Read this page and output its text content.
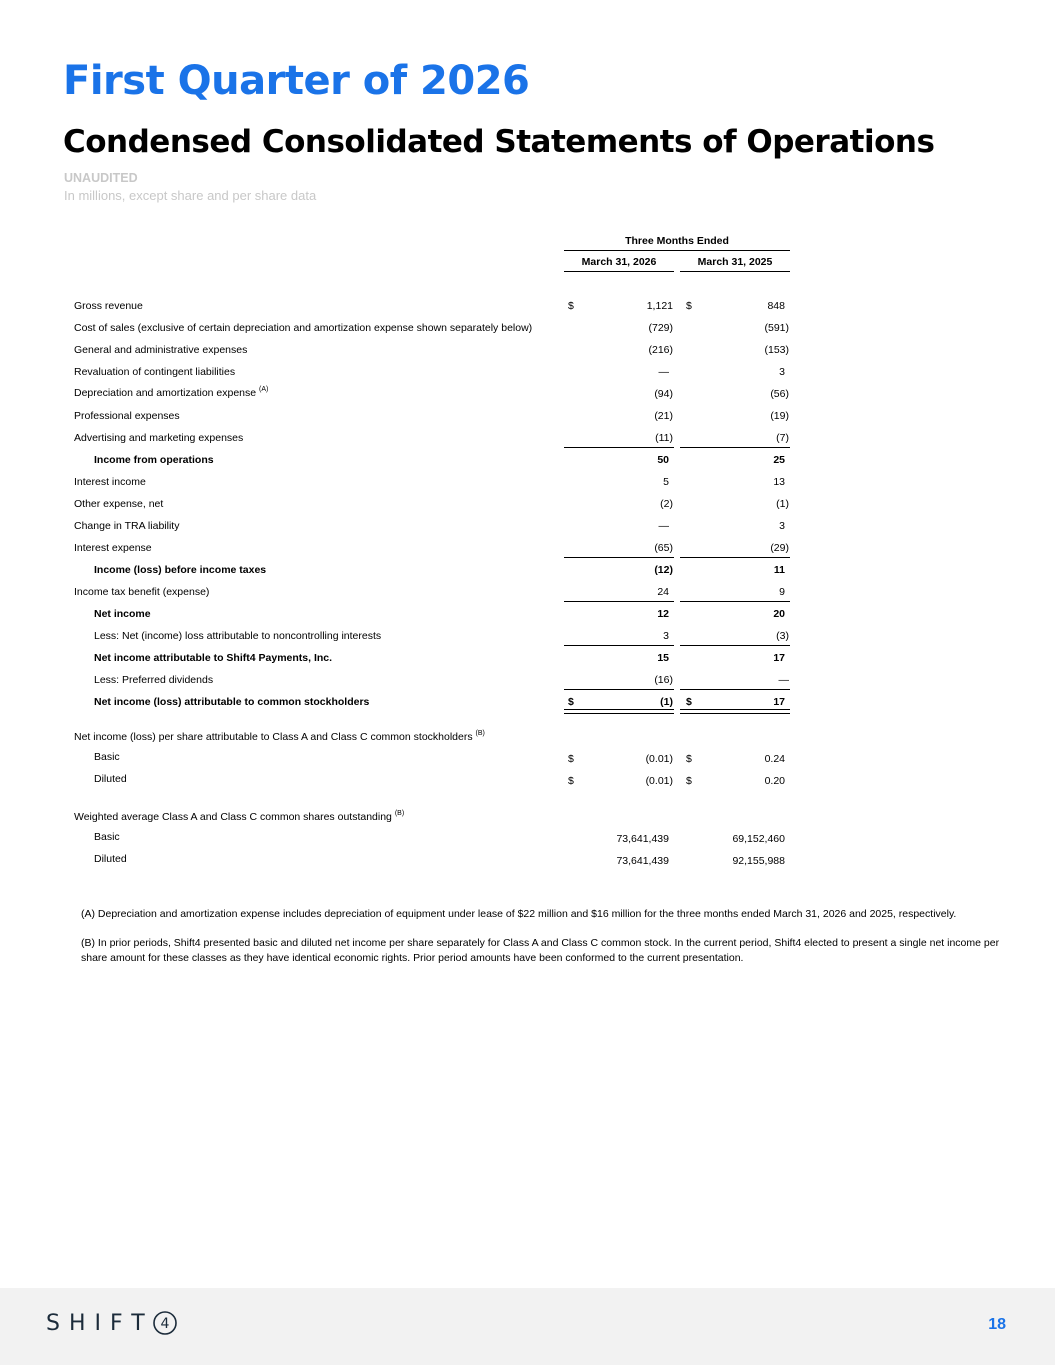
First Quarter of 2026
Condensed Consolidated Statements of Operations
UNAUDITED
In millions, except share and per share data
Three Months Ended
March 31, 2026	March 31, 2025
Gross revenue	$	1,121 $	848
Cost of sales (exclusive of certain depreciation and amortization expense shown separately below)	(729)	(591)
General and administrative expenses	(216)	(153)
Revaluation of contingent liabilities	—	3
Depreciation and amortization expense $^{(A)}$	(94)	(56)
Professional expenses	(21)	(19)
Advertising and marketing expenses	(11)	(7)
Income from operations	50	25
Interest income	5	13
Other expense, net	(2)	(1)
Change in TRA liability	—	3
Interest expense	(65)	(29)
Income (loss) before income taxes	(12)	11
Income tax benefit (expense)	24	9
Net income	12	20
Less: Net (income) loss attributable to noncontrolling interests	3	(3)
Net income attributable to Shift4 Payments, Inc.	15	17
Less: Preferred dividends	(16)	—
Net income (loss) attributable to common stockholders	$	(1) $	17
Net income (loss) per share attributable to Class A and Class C common stockholders $^{(B)}$
Basic	$	(0.01) $	0.24
Diluted	$	(0.01) $	0.20
Weighted average Class A and Class C common shares outstanding $^{(B)}$
Basic	73,641,439	69,152,460
Diluted	73,641,439	92,155,988
(A) Depreciation and amortization expense includes depreciation of equipment under lease of $22 million and $16 million for the three months ended March 31, 2026 and 2025, respectively.
(B) In prior periods, Shift4 presented basic and diluted net income per share separately for Class A and Class C common stock. In the current period, Shift4 elected to present a single net income per share amount for these classes as they have identical economic rights. Prior period amounts have been conformed to the current presentation.
SHIFT 4	18
